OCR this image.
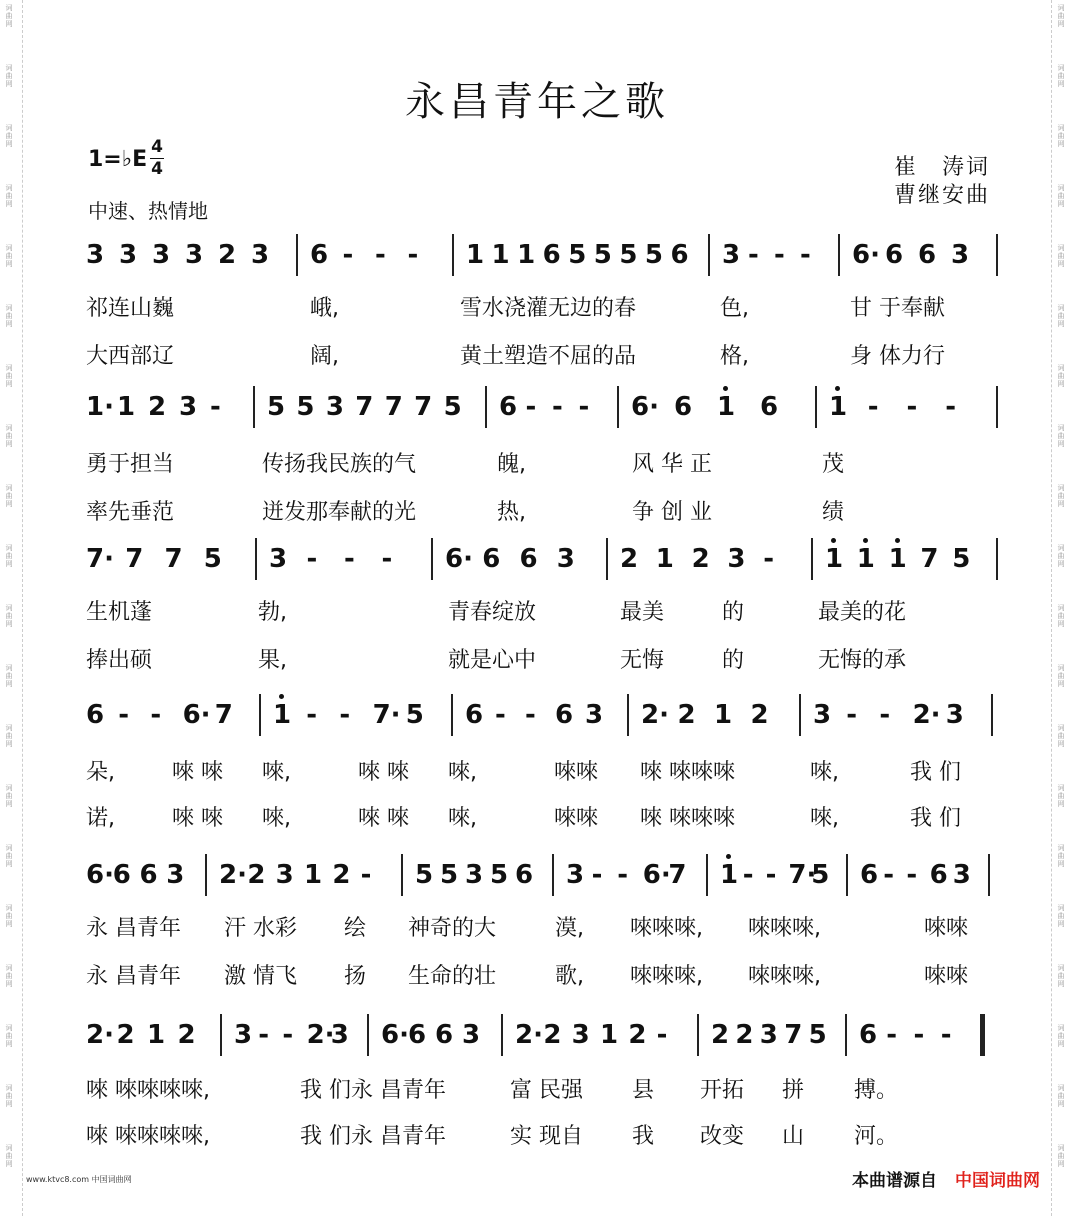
词
曲
网
词
曲
网
词
曲
网
词
曲
网
词
曲
网
词
曲
网
词
曲
网
词
曲
网
词
曲
网
词
曲
网
词
曲
网
词
曲
网
词
曲
网
词
曲
网
词
曲
网
词
曲
网
词
曲
网
词
曲
网
词
曲
网
词
曲
网
词
曲
网
词
曲
网
词
曲
网
词
曲
网
词
曲
网
词
曲
网
词
曲
网
词
曲
网
词
曲
网
词
曲
网
词
曲
网
词
曲
网
词
曲
网
词
曲
网
词
曲
网
词
曲
网
词
曲
网
词
曲
网
词
曲
网
词
曲
网
永昌青年之歌
1=♭E 4
4
中速、热情地
崔　涛词
曹继安曲
3 3 3 3 2 3 6 - - - 1 1 1 6 5 5 5 5 6 3 - - - 6· 6 6 3
祁连山巍	峨,	雪水浇灌无边的春	色,	甘 于奉献
大西部辽	阔,	黄土塑造不屈的品	格,	身 体力行
1· 1 2 3 - 5 5 3 7 7 7 5 6 - - - 6· 6 1 6 1 - - -
勇于担当	传扬我民族的气	魄,	风 华 正	茂
率先垂范	迸发那奉献的光	热,	争 创 业	绩
7· 7 7 5 3 - - - 6· 6 6 3 2 1 2 3 - 1 1 1 7 5
生机蓬	勃,	青春绽放	最美	的	最美的花
捧出硕	果,	就是心中	无悔	的	无悔的承
6 - - 6· 7 1 - - 7· 5 6 - - 6 3 2· 2 1 2 3 - - 2· 3
朵,	唻 唻 唻,	唻 唻 唻,	唻唻 唻 唻唻唻	唻,	我 们
诺,	唻 唻 唻,	唻 唻 唻,	唻唻 唻 唻唻唻	唻,	我 们
6·
6 6 3 2· 2 3 1 2 - 5 5 3 5 6 3 - - 6·
7 1 - - 7·
5 6 - - 6 3
永 昌青年 汗 水彩 绘 神奇的大	漠, 唻唻唻, 唻唻唻,	唻唻
永 昌青年 激 情飞 扬 生命的壮	歌, 唻唻唻, 唻唻唻,	唻唻
2· 2 1 2 3 - - 2·
3 6· 6 6 3 2· 2 3 1 2 - 2 2 3 7 5 6 - - -
唻 唻唻唻唻,	我 们永 昌青年	富 民强 县 开拓 拼 搏。
唻 唻唻唻唻,	我 们永 昌青年	实 现自 我 改变 山 河。
www.ktvc8.com 中国词曲网	本曲谱源自 中国词曲网
